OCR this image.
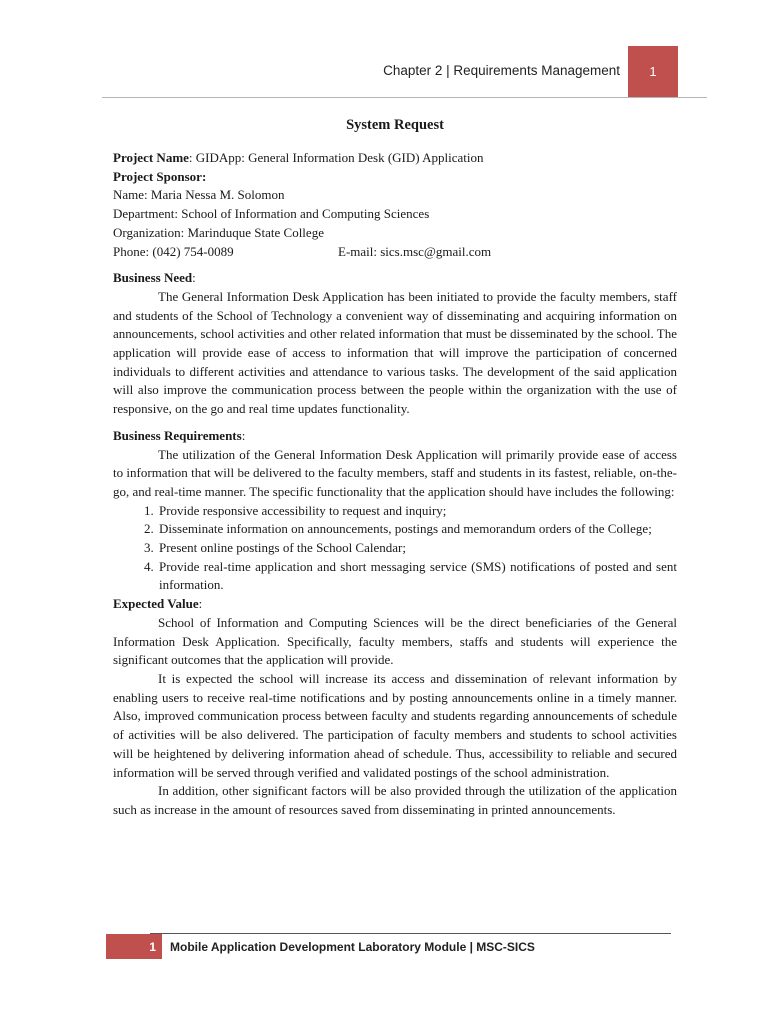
Chapter 2 | Requirements Management	1
System Request
Project Name: GIDApp: General Information Desk (GID) Application
Project Sponsor:
Name: Maria Nessa M. Solomon
Department: School of Information and Computing Sciences
Organization: Marinduque State College
Phone: (042) 754-0089	E-mail: sics.msc@gmail.com
Business Need:

The General Information Desk Application has been initiated to provide the faculty members, staff and students of the School of Technology a convenient way of disseminating and acquiring information on announcements, school activities and other related information that must be disseminated by the school. The application will provide ease of access to information that will improve the participation of concerned individuals to different activities and attendance to various tasks. The development of the said application will also improve the communication process between the people within the organization with the use of responsive, on the go and real time updates functionality.

Business Requirements:

The utilization of the General Information Desk Application will primarily provide ease of access to information that will be delivered to the faculty members, staff and students in its fastest, reliable, on-the-go, and real-time manner. The specific functionality that the application should have includes the following:

1. Provide responsive accessibility to request and inquiry;
2. Disseminate information on announcements, postings and memorandum orders of the College;
3. Present online postings of the School Calendar;
4. Provide real-time application and short messaging service (SMS) notifications of posted and sent information.
Expected Value:

School of Information and Computing Sciences will be the direct beneficiaries of the General Information Desk Application. Specifically, faculty members, staffs and students will experience the significant outcomes that the application will provide.

It is expected the school will increase its access and dissemination of relevant information by enabling users to receive real-time notifications and by posting announcements online in a timely manner. Also, improved communication process between faculty and students regarding announcements of schedule of activities will be also delivered. The participation of faculty members and students to school activities will be heightened by delivering information ahead of schedule. Thus, accessibility to reliable and secured information will be served through verified and validated postings of the school administration.

In addition, other significant factors will be also provided through the utilization of the application such as increase in the amount of resources saved from disseminating in printed announcements.

1	Mobile Application Development Laboratory Module | MSC-SICS
